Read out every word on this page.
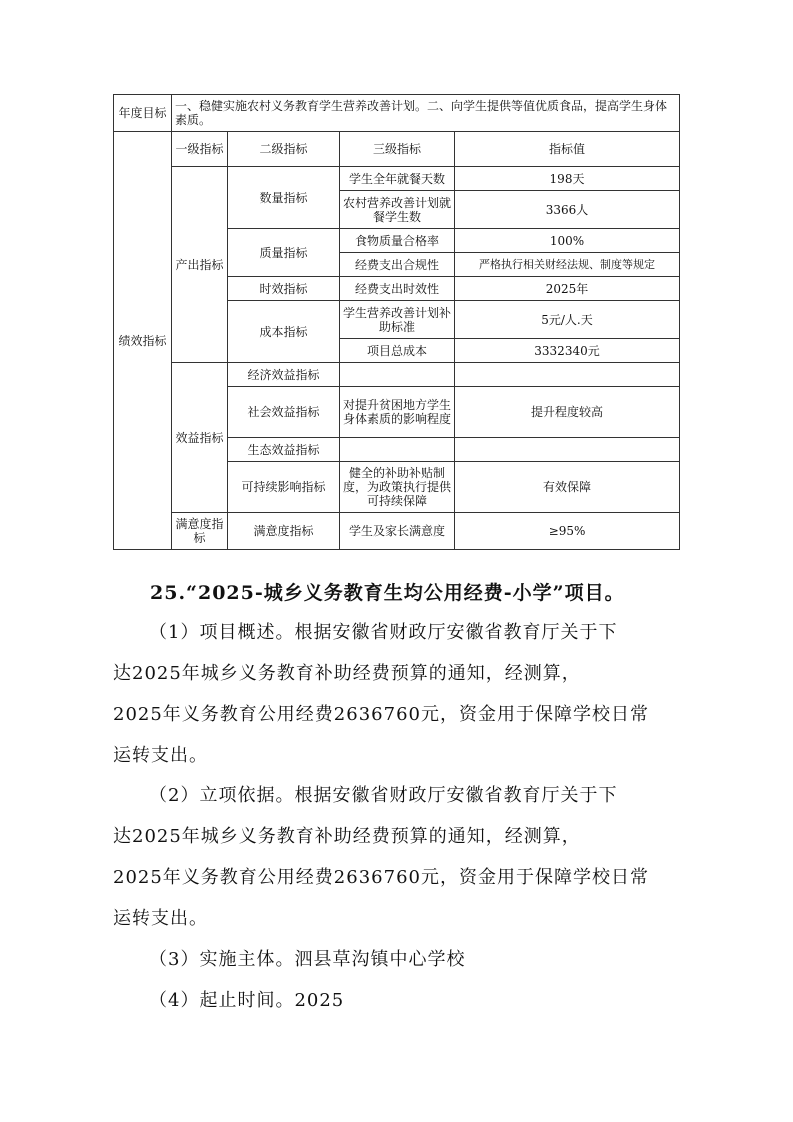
年度目标	一、稳健实施农村义务教育学生营养改善计划。二、向学生提供等值优质食品，提高学生身体素质。			
绩效指标	一级指标	二级指标	三级指标	指标值
	产出指标	数量指标	学生全年就餐天数	198天
			农村营养改善计划就餐学生数	3366人
		质量指标	食物质量合格率	100%
			经费支出合规性	严格执行相关财经法规、制度等规定
		时效指标	经费支出时效性	2025年
		成本指标	学生营养改善计划补助标准	5元/人.天
			项目总成本	3332340元
	效益指标	经济效益指标		
		社会效益指标	对提升贫困地方学生身体素质的影响程度	提升程度较高
		生态效益指标		
		可持续影响指标	健全的补助补贴制度，为政策执行提供可持续保障	有效保障
	满意度指标	满意度指标	学生及家长满意度	≥95%
25.“2025-城乡义务教育生均公用经费-小学”项目。
（1）项目概述。根据安徽省财政厅安徽省教育厅关于下
达2025年城乡义务教育补助经费预算的通知，经测算，
2025年义务教育公用经费2636760元，资金用于保障学校日常
运转支出。
（2）立项依据。根据安徽省财政厅安徽省教育厅关于下
达2025年城乡义务教育补助经费预算的通知，经测算，
2025年义务教育公用经费2636760元，资金用于保障学校日常
运转支出。
（3）实施主体。泗县草沟镇中心学校
（4）起止时间。2025
